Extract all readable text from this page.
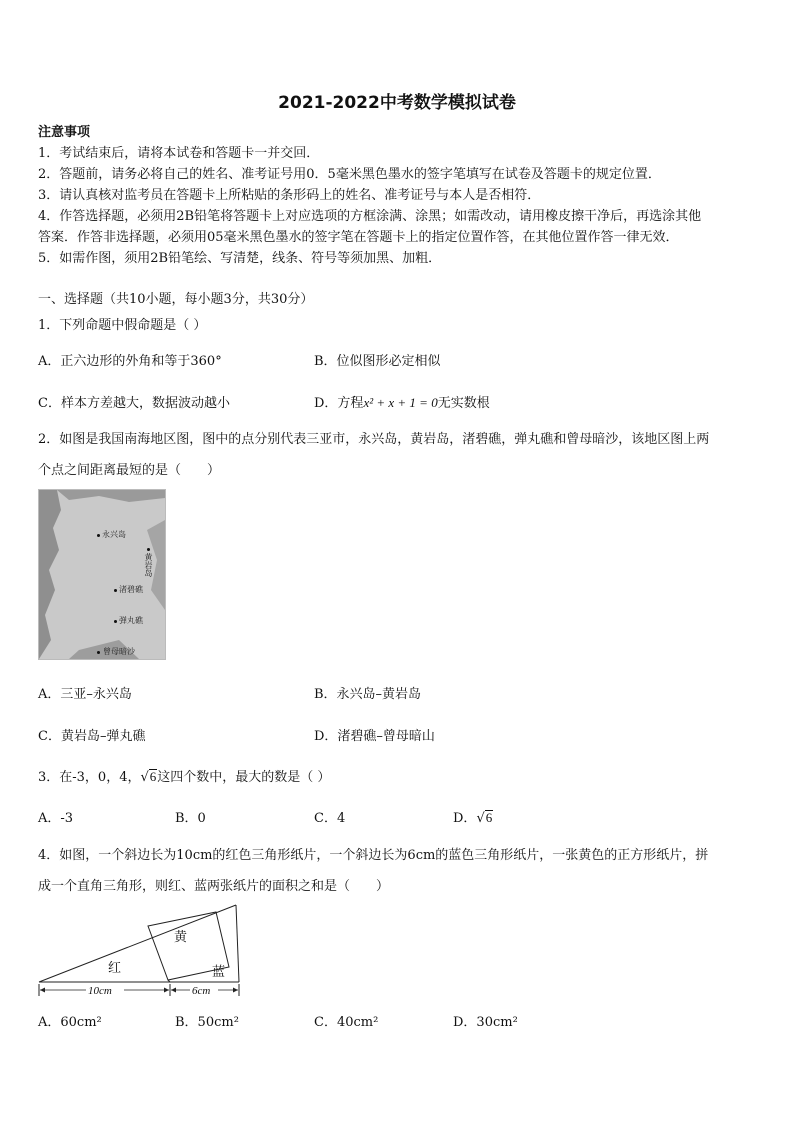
2021-2022中考数学模拟试卷
注意事项
1．考试结束后，请将本试卷和答题卡一并交回．
2．答题前，请务必将自己的姓名、准考证号用0．5毫米黑色墨水的签字笔填写在试卷及答题卡的规定位置．
3．请认真核对监考员在答题卡上所粘贴的条形码上的姓名、准考证号与本人是否相符．
4．作答选择题，必须用2B铅笔将答题卡上对应选项的方框涂满、涂黑；如需改动，请用橡皮擦干净后，再选涂其他
答案．作答非选择题，必须用05毫米黑色墨水的签字笔在答题卡上的指定位置作答，在其他位置作答一律无效．
5．如需作图，须用2B铅笔绘、写清楚，线条、符号等须加黑、加粗．
一、选择题（共10小题，每小题3分，共30分）
1．下列命题中假命题是（ ）
A．正六边形的外角和等于360°	B．位似图形必定相似
C．样本方差越大，数据波动越小	D．方程x² + x + 1 = 0无实数根
2．如图是我国南海地区图，图中的点分别代表三亚市，永兴岛，黄岩岛，渚碧礁，弹丸礁和曾母暗沙，该地区图上两
个点之间距离最短的是（　　）
永兴岛
黄岩岛
渚碧礁
弹丸礁
曾母暗沙
A．三亚–永兴岛	B．永兴岛–黄岩岛
C．黄岩岛–弹丸礁	D．渚碧礁–曾母暗山
3．在-3，0，4，√6这四个数中，最大的数是（ ）
A．-3	B．0	C．4	D．√6
4．如图，一个斜边长为10cm的红色三角形纸片，一个斜边长为6cm的蓝色三角形纸片，一张黄色的正方形纸片，拼
成一个直角三角形，则红、蓝两张纸片的面积之和是（　　）
黄
红	蓝
10cm	6cm
A．60cm²	B．50cm²	C．40cm²	D．30cm²
